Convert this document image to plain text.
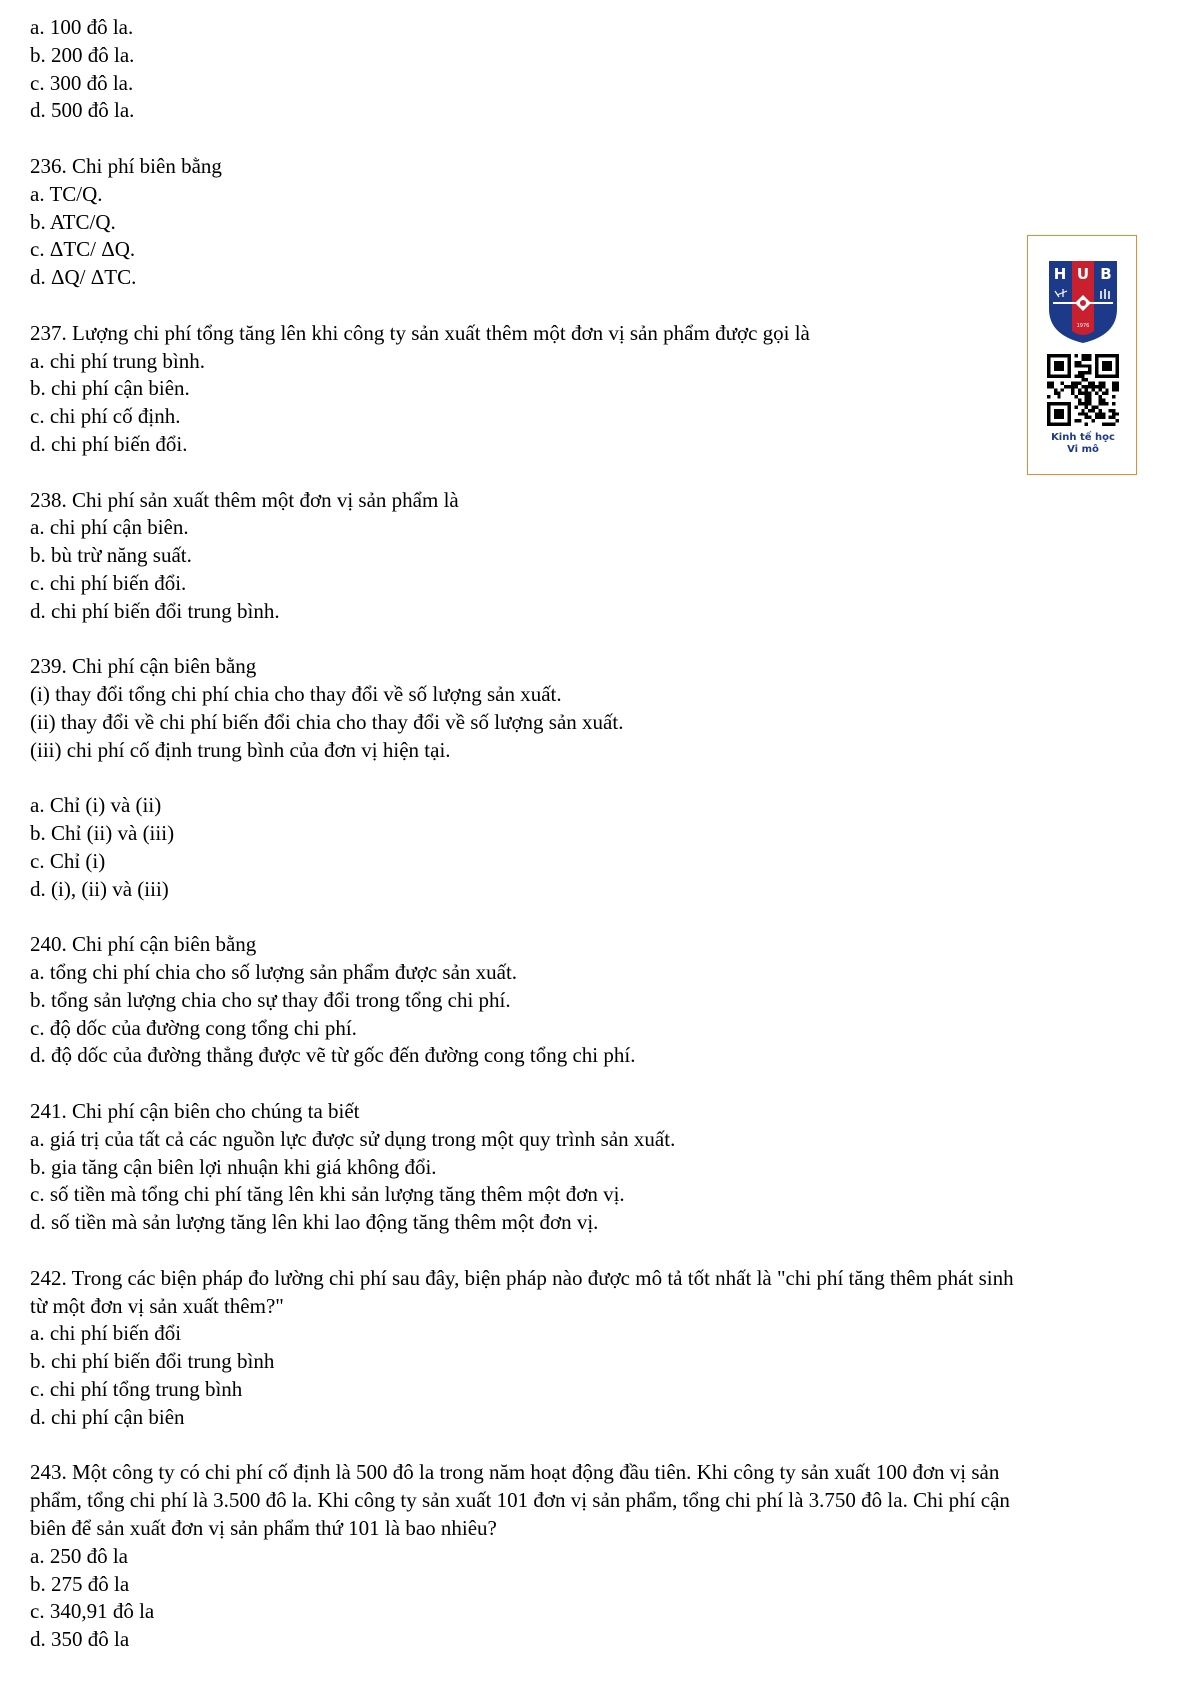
a. 100 đô la.
b. 200 đô la.
c. 300 đô la.
d. 500 đô la.
236. Chi phí biên bằng
a. TC/Q.
b. ATC/Q.
c. ΔTC/ ΔQ.
d. ΔQ/ ΔTC.
237. Lượng chi phí tổng tăng lên khi công ty sản xuất thêm một đơn vị sản phẩm được gọi là
a. chi phí trung bình.
b. chi phí cận biên.
c. chi phí cố định.
d. chi phí biến đổi.
238. Chi phí sản xuất thêm một đơn vị sản phẩm là
a. chi phí cận biên.
b. bù trừ năng suất.
c. chi phí biến đổi.
d. chi phí biến đổi trung bình.
239. Chi phí cận biên bằng
(i) thay đổi tổng chi phí chia cho thay đổi về số lượng sản xuất.
(ii) thay đổi về chi phí biến đổi chia cho thay đổi về số lượng sản xuất.
(iii) chi phí cố định trung bình của đơn vị hiện tại.
a. Chỉ (i) và (ii)
b. Chỉ (ii) và (iii)
c. Chỉ (i)
d. (i), (ii) và (iii)
240. Chi phí cận biên bằng
a. tổng chi phí chia cho số lượng sản phẩm được sản xuất.
b. tổng sản lượng chia cho sự thay đổi trong tổng chi phí.
c. độ dốc của đường cong tổng chi phí.
d. độ dốc của đường thẳng được vẽ từ gốc đến đường cong tổng chi phí.
241. Chi phí cận biên cho chúng ta biết
a. giá trị của tất cả các nguồn lực được sử dụng trong một quy trình sản xuất.
b. gia tăng cận biên lợi nhuận khi giá không đổi.
c. số tiền mà tổng chi phí tăng lên khi sản lượng tăng thêm một đơn vị.
d. số tiền mà sản lượng tăng lên khi lao động tăng thêm một đơn vị.
242. Trong các biện pháp đo lường chi phí sau đây, biện pháp nào được mô tả tốt nhất là "chi phí tăng thêm phát sinh
từ một đơn vị sản xuất thêm?"
a. chi phí biến đổi
b. chi phí biến đổi trung bình
c. chi phí tổng trung bình
d. chi phí cận biên
243. Một công ty có chi phí cố định là 500 đô la trong năm hoạt động đầu tiên. Khi công ty sản xuất 100 đơn vị sản
phẩm, tổng chi phí là 3.500 đô la. Khi công ty sản xuất 101 đơn vị sản phẩm, tổng chi phí là 3.750 đô la. Chi phí cận
biên để sản xuất đơn vị sản phẩm thứ 101 là bao nhiêu?
a. 250 đô la
b. 275 đô la
c. 340,91 đô la
d. 350 đô la
H U B
1976
Kinh tế học
Vi mô
